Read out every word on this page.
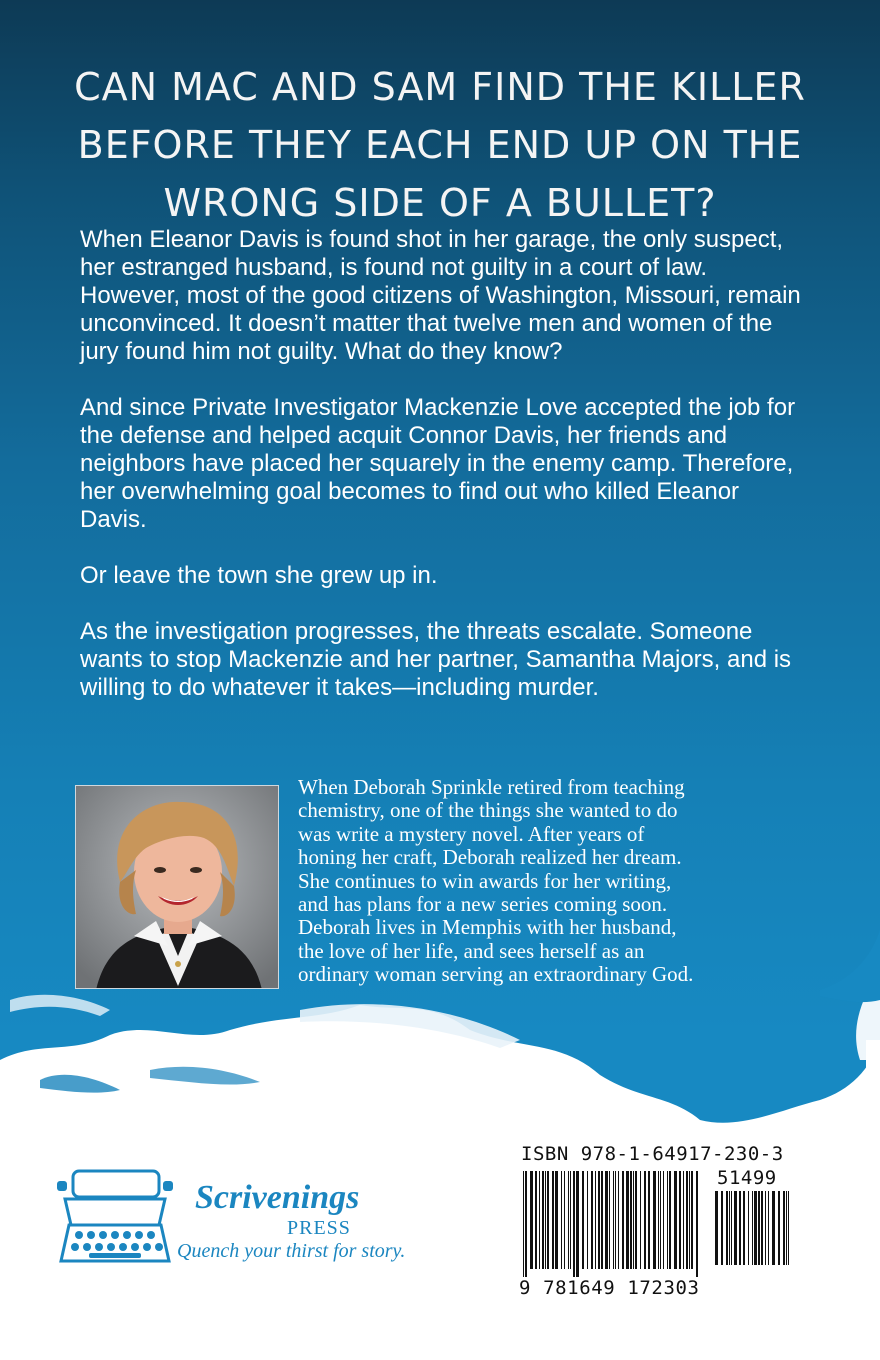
CAN MAC AND SAM FIND THE KILLER
BEFORE THEY EACH END UP ON THE
WRONG SIDE OF A BULLET?

When Eleanor Davis is found shot in her garage, the only suspect, her estranged husband, is found not guilty in a court of law. However, most of the good citizens of Washington, Missouri, remain unconvinced. It doesn’t matter that twelve men and women of the jury found him not guilty. What do they know?

And since Private Investigator Mackenzie Love accepted the job for the defense and helped acquit Connor Davis, her friends and neighbors have placed her squarely in the enemy camp. Therefore, her overwhelming goal becomes to find out who killed Eleanor Davis.

Or leave the town she grew up in.

As the investigation progresses, the threats escalate. Someone wants to stop Mackenzie and her partner, Samantha Majors, and is willing to do whatever it takes—including murder.

When Deborah Sprinkle retired from teaching
chemistry, one of the things she wanted to do
was write a mystery novel. After years of
honing her craft, Deborah realized her dream.
She continues to win awards for her writing,
and has plans for a new series coming soon.
Deborah lives in Memphis with her husband,
the love of her life, and sees herself as an
ordinary woman serving an extraordinary God.
Scrivenings
PRESS
Quench your thirst for story.
ISBN 978-1-64917-230-3
51499
9 781649 172303
